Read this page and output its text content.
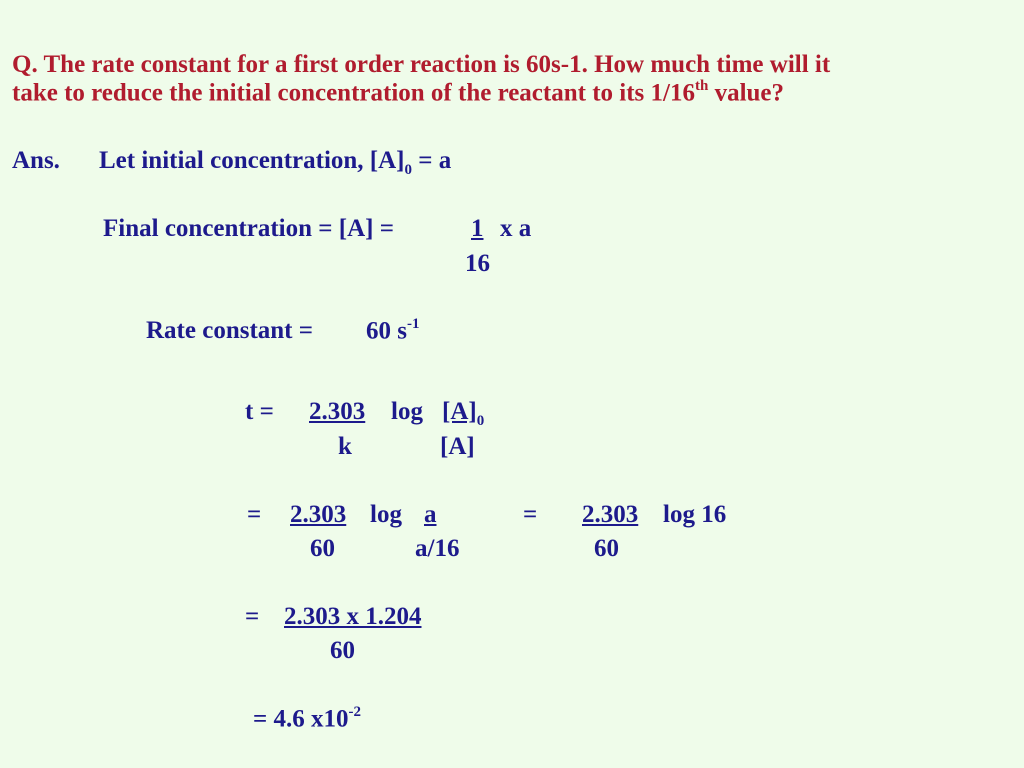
Q. The rate constant for a first order reaction is 60s-1. How much time will it
take to reduce the initial concentration of the reactant to its 1/16th value?
Ans. Let initial concentration, $[A]_0 = a$
Final concentration = [A] =	1 x a
16
Rate constant = 60 $s^{-1}$
t = 2.303 $\log [A]_0$
k	[A]
= 2.303 log a	= 2.303 log 16
60	a/16	60
= 2.303 x 1.204
60
= 4.6 $x10^{-2}$
